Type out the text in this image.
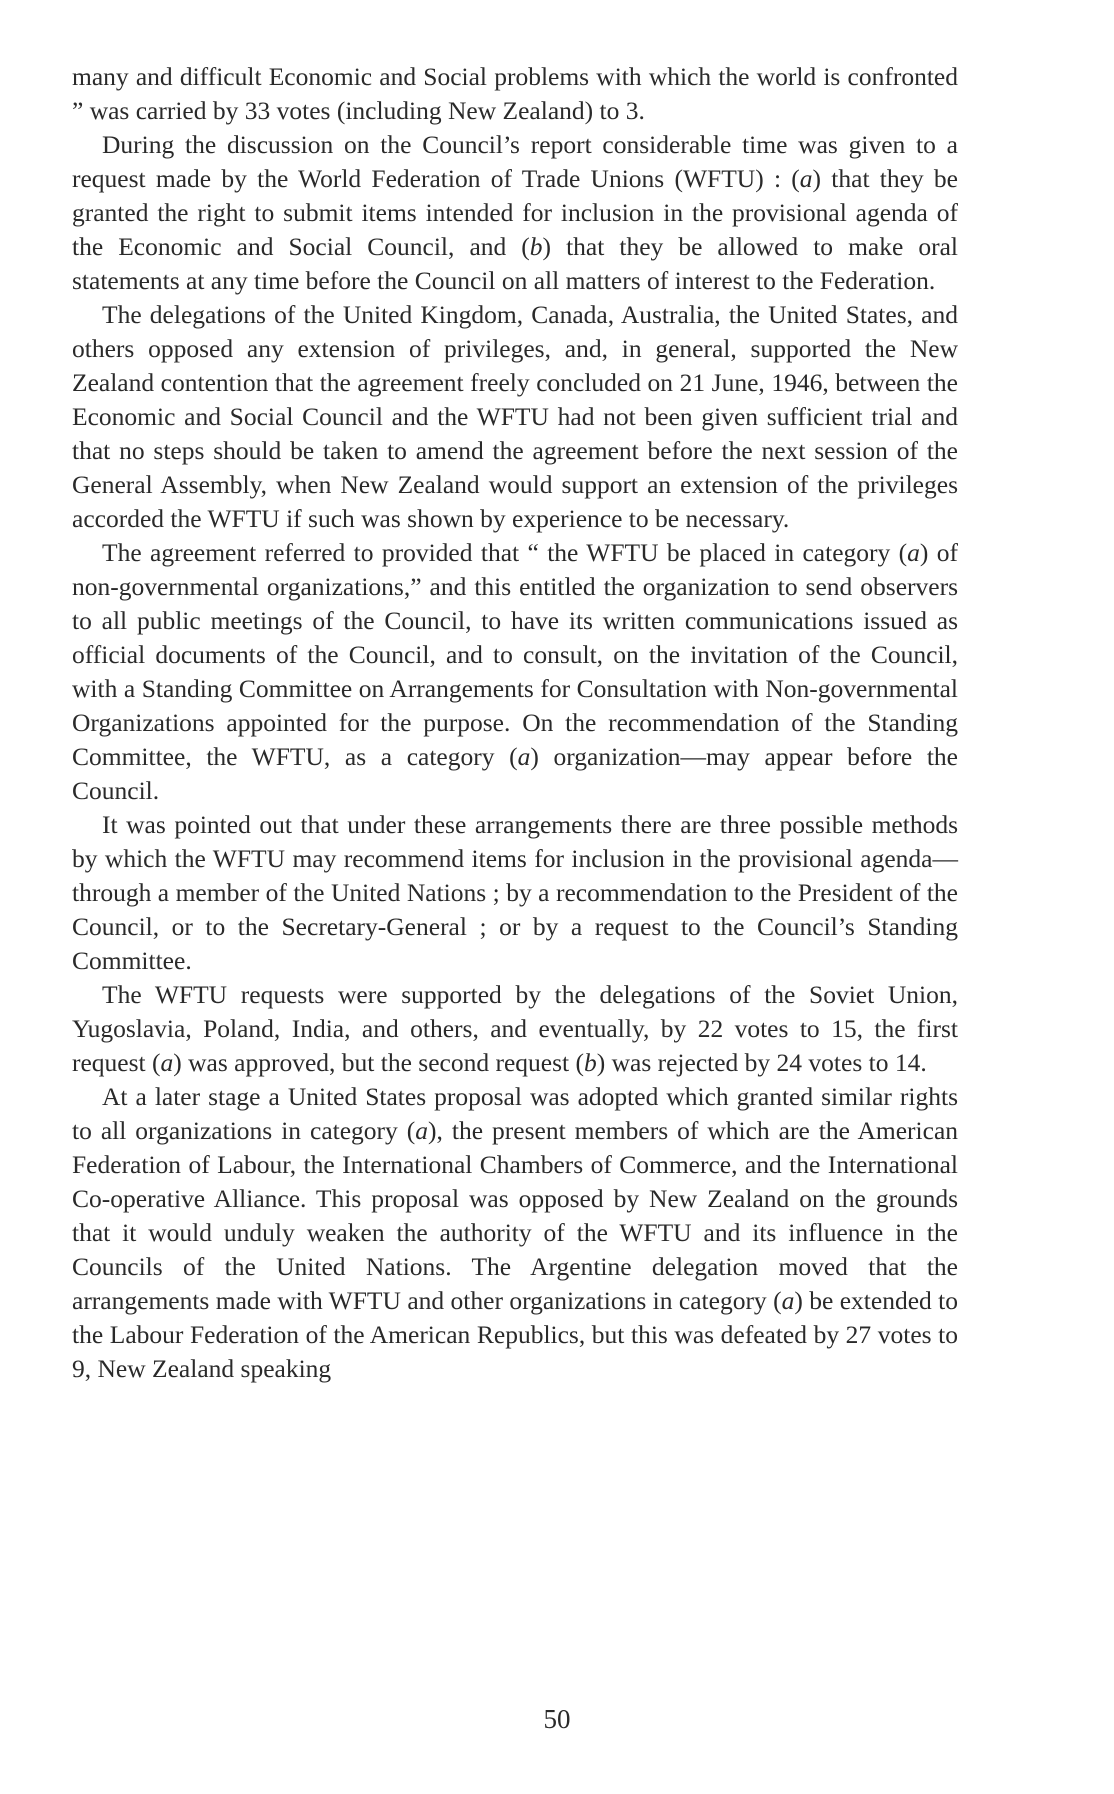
many and difficult Economic and Social problems with which the world is confronted ” was carried by 33 votes (including New Zealand) to 3.

During the discussion on the Council’s report considerable time was given to a request made by the World Federation of Trade Unions (WFTU) : (a) that they be granted the right to submit items intended for inclusion in the provisional agenda of the Economic and Social Council, and (b) that they be allowed to make oral statements at any time before the Council on all matters of interest to the Federation.

The delegations of the United Kingdom, Canada, Australia, the United States, and others opposed any extension of privileges, and, in general, supported the New Zealand contention that the agreement freely concluded on 21 June, 1946, between the Economic and Social Council and the WFTU had not been given sufficient trial and that no steps should be taken to amend the agreement before the next session of the General Assembly, when New Zealand would support an extension of the privileges accorded the WFTU if such was shown by experience to be necessary.

The agreement referred to provided that “ the WFTU be placed in category (a) of non-governmental organizations,” and this entitled the organization to send observers to all public meetings of the Council, to have its written communications issued as official documents of the Council, and to consult, on the invitation of the Council, with a Standing Committee on Arrangements for Consultation with Non-governmental Organizations appointed for the purpose. On the recommendation of the Standing Committee, the WFTU, as a category (a) organization—may appear before the Council.

It was pointed out that under these arrangements there are three possible methods by which the WFTU may recommend items for inclusion in the provisional agenda—through a member of the United Nations ; by a recommendation to the President of the Council, or to the Secretary-General ; or by a request to the Council’s Standing Committee.

The WFTU requests were supported by the delegations of the Soviet Union, Yugoslavia, Poland, India, and others, and eventually, by 22 votes to 15, the first request (a) was approved, but the second request (b) was rejected by 24 votes to 14.

At a later stage a United States proposal was adopted which granted similar rights to all organizations in category (a), the present members of which are the American Federation of Labour, the International Chambers of Commerce, and the International Co-operative Alliance. This proposal was opposed by New Zealand on the grounds that it would unduly weaken the authority of the WFTU and its influence in the Councils of the United Nations. The Argentine delegation moved that the arrangements made with WFTU and other organizations in category (a) be extended to the Labour Federation of the American Republics, but this was defeated by 27 votes to 9, New Zealand speaking

50
